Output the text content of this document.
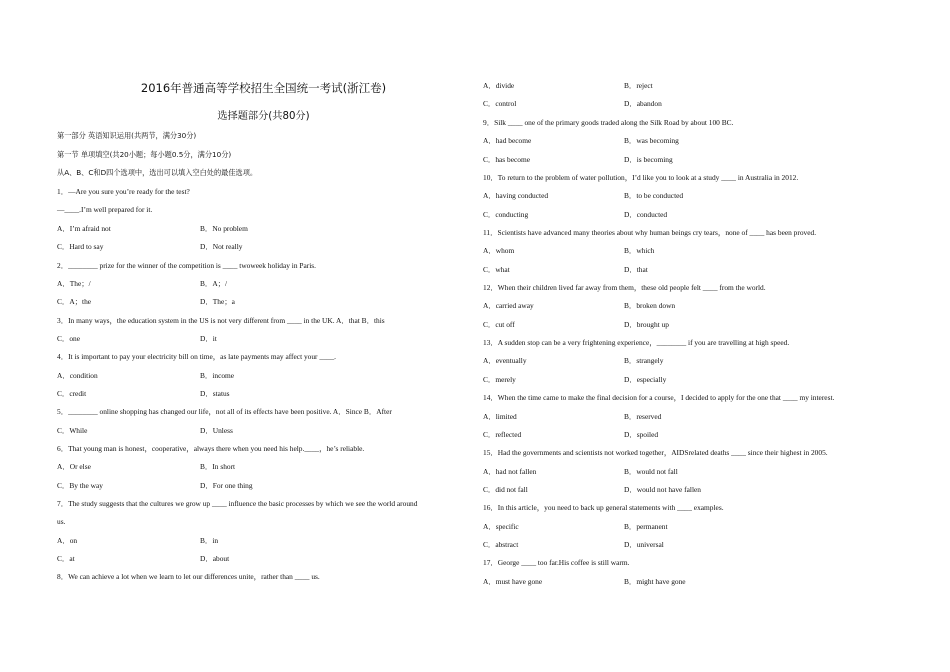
2016年普通高等学校招生全国统一考试(浙江卷)
选择题部分(共80分)
第一部分 英语知识运用(共两节，满分30分)
第一节 单项填空(共20小题；每小题0.5分，满分10分)
从A、B、C和D四个选项中，选出可以填入空白处的最佳选项。
1．—Are you sure you’re ready for the test?
—____.I’m well prepared for it.
A．I’m afraid not	B．No problem
C．Hard to say	D．Not really
2．________ prize for the winner of the competition is ____ twoweek holiday in Paris.
A．The；/	B．A；/
C．A；the	D．The；a
3．In many ways，the education system in the US is not very different from ____ in the UK. A．that B．this
C．one	D．it
4．It is important to pay your electricity bill on time，as late payments may affect your ____.
A．condition	B．income
C．credit	D．status
5．________ online shopping has changed our life，not all of its effects have been positive. A．Since B．After
C．While	D．Unless
6．That young man is honest，cooperative，always there when you need his help.____，he’s reliable.
A．Or else	B．In short
C．By the way	D．For one thing
7．The study suggests that the cultures we grow up ____ influence the basic processes by which we see the world around
us.
A．on	B．in
C．at	D．about
8．We can achieve a lot when we learn to let our differences unite，rather than ____ us.
A．divide	B．reject
C．control	D．abandon
9．Silk ____ one of the primary goods traded along the Silk Road by about 100 BC.
A．had become	B．was becoming
C．has become	D．is becoming
10．To return to the problem of water pollution，I’d like you to look at a study ____ in Australia in 2012.
A．having conducted	B．to be conducted
C．conducting	D．conducted
11．Scientists have advanced many theories about why human beings cry tears，none of ____ has been proved.
A．whom	B．which
C．what	D．that
12．When their children lived far away from them，these old people felt ____ from the world.
A．carried away	B．broken down
C．cut off	D．brought up
13．A sudden stop can be a very frightening experience，________ if you are travelling at high speed.
A．eventually	B．strangely
C．merely	D．especially
14．When the time came to make the final decision for a course，I decided to apply for the one that ____ my interest.
A．limited	B．reserved
C．reflected	D．spoiled
15．Had the governments and scientists not worked together，AIDSrelated deaths ____ since their highest in 2005.
A．had not fallen	B．would not fall
C．did not fall	D．would not have fallen
16．In this article，you need to back up general statements with ____ examples.
A．specific	B．permanent
C．abstract	D．universal
17．George ____ too far.His coffee is still warm.
A．must have gone	B．might have gone
